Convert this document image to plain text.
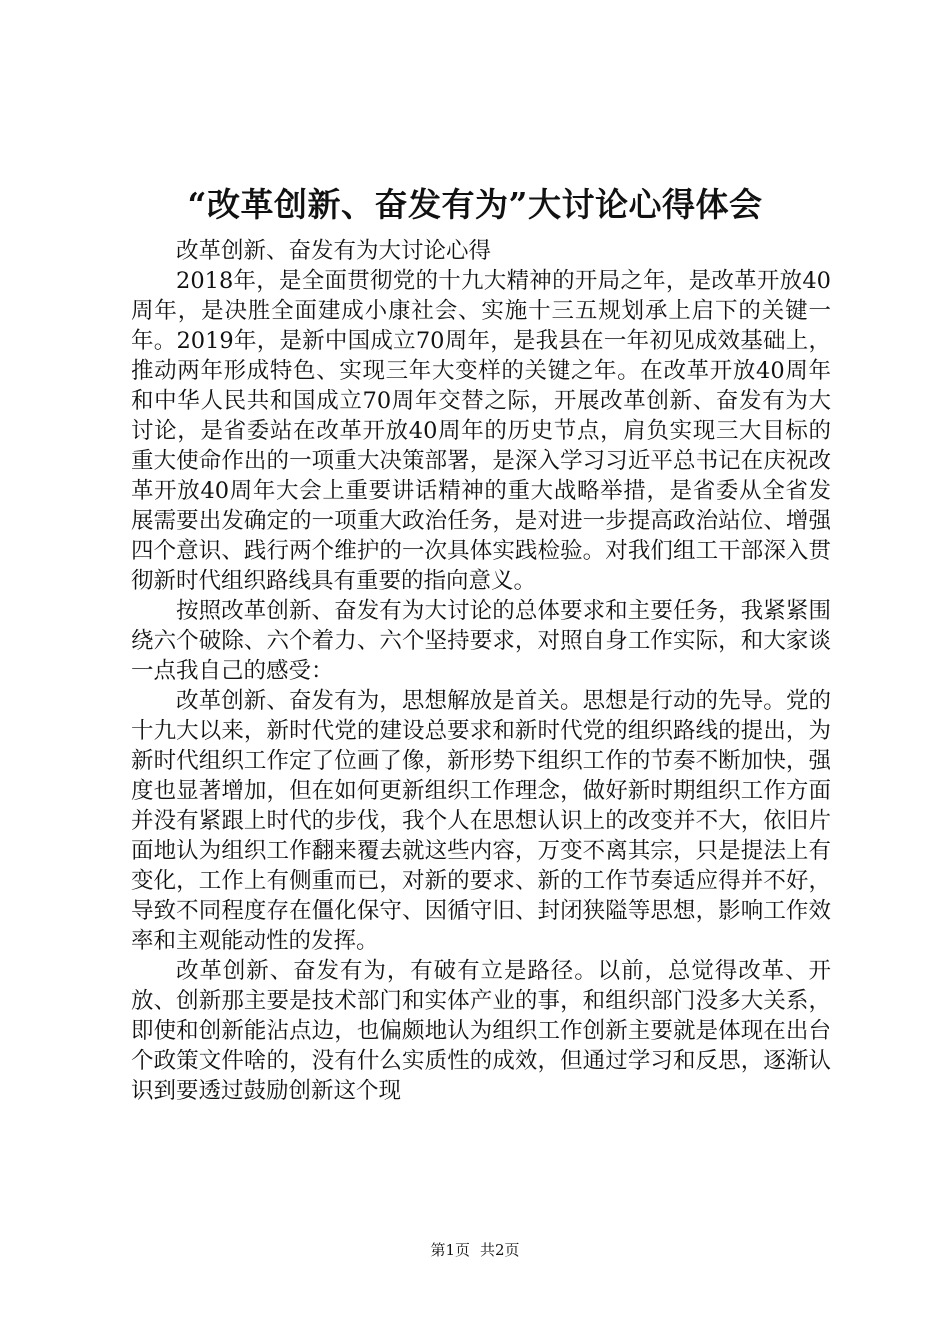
“改革创新、奋发有为”大讨论心得体会

改革创新、奋发有为大讨论心得

2018年，是全面贯彻党的十九大精神的开局之年，是改革开放40周年，是决胜全面建成小康社会、实施十三五规划承上启下的关键一年。2019年，是新中国成立70周年，是我县在一年初见成效基础上，推动两年形成特色、实现三年大变样的关键之年。在改革开放40周年和中华人民共和国成立70周年交替之际，开展改革创新、奋发有为大讨论，是省委站在改革开放40周年的历史节点，肩负实现三大目标的重大使命作出的一项重大决策部署，是深入学习习近平总书记在庆祝改革开放40周年大会上重要讲话精神的重大战略举措，是省委从全省发展需要出发确定的一项重大政治任务，是对进一步提高政治站位、增强四个意识、践行两个维护的一次具体实践检验。对我们组工干部深入贯彻新时代组织路线具有重要的指向意义。

按照改革创新、奋发有为大讨论的总体要求和主要任务，我紧紧围绕六个破除、六个着力、六个坚持要求，对照自身工作实际，和大家谈一点我自己的感受：

改革创新、奋发有为，思想解放是首关。思想是行动的先导。党的十九大以来，新时代党的建设总要求和新时代党的组织路线的提出，为新时代组织工作定了位画了像，新形势下组织工作的节奏不断加快，强度也显著增加，但在如何更新组织工作理念，做好新时期组织工作方面并没有紧跟上时代的步伐，我个人在思想认识上的改变并不大，依旧片面地认为组织工作翻来覆去就这些内容，万变不离其宗，只是提法上有变化，工作上有侧重而已，对新的要求、新的工作节奏适应得并不好，导致不同程度存在僵化保守、因循守旧、封闭狭隘等思想，影响工作效率和主观能动性的发挥。

改革创新、奋发有为，有破有立是路径。以前，总觉得改革、开放、创新那主要是技术部门和实体产业的事，和组织部门没多大关系，即使和创新能沾点边，也偏颇地认为组织工作创新主要就是体现在出台个政策文件啥的，没有什么实质性的成效，但通过学习和反思，逐渐认识到要透过鼓励创新这个现

第1页 共2页
